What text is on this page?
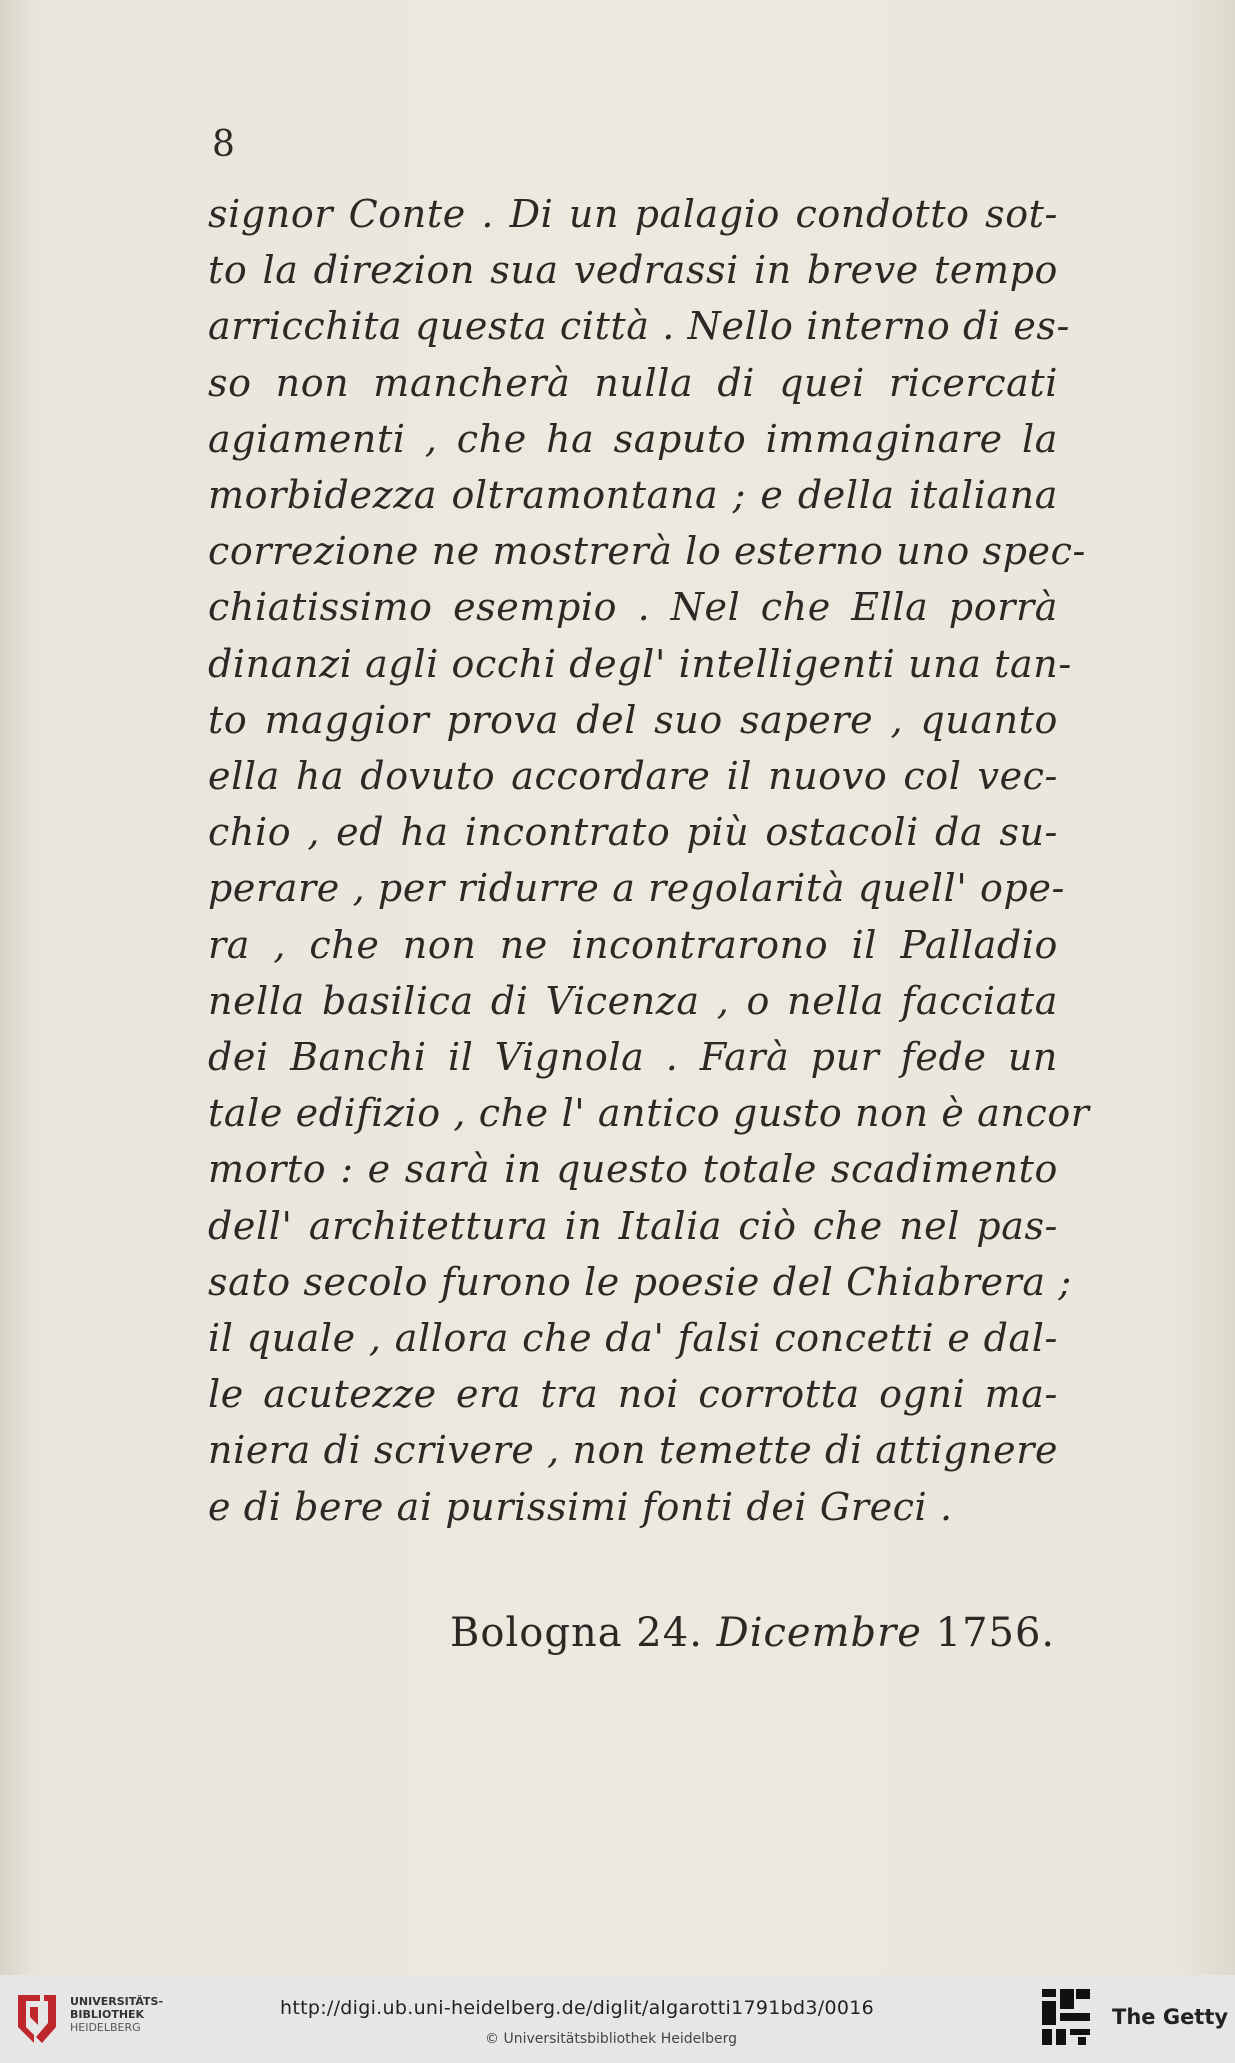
8
signor Conte . Di un palagio condotto sot-
to la direzion sua vedrassi in breve tempo
arricchita questa città . Nello interno di es-
so non mancherà nulla di quei ricercati
agiamenti , che ha saputo immaginare la
morbidezza oltramontana ; e della italiana
correzione ne mostrerà lo esterno uno spec-
chiatissimo esempio . Nel che Ella porrà
dinanzi agli occhi degl' intelligenti una tan-
to maggior prova del suo sapere , quanto
ella ha dovuto accordare il nuovo col vec-
chio , ed ha incontrato più ostacoli da su-
perare , per ridurre a regolarità quell' ope-
ra , che non ne incontrarono il Palladio
nella basilica di Vicenza , o nella facciata
dei Banchi il Vignola . Farà pur fede un
tale edifizio , che l' antico gusto non è ancor
morto : e sarà in questo totale scadimento
dell' architettura in Italia ciò che nel pas-
sato secolo furono le poesie del Chiabrera ;
il quale , allora che da' falsi concetti e dal-
le acutezze era tra noi corrotta ogni ma-
niera di scrivere , non temette di attignere
e di bere ai purissimi fonti dei Greci .
Bologna 24. Dicembre 1756.
UNIVERSITÄTS-
BIBLIOTHEK
HEIDELBERG
http://digi.ub.uni-heidelberg.de/diglit/algarotti1791bd3/0016
© Universitätsbibliothek Heidelberg
The Getty
